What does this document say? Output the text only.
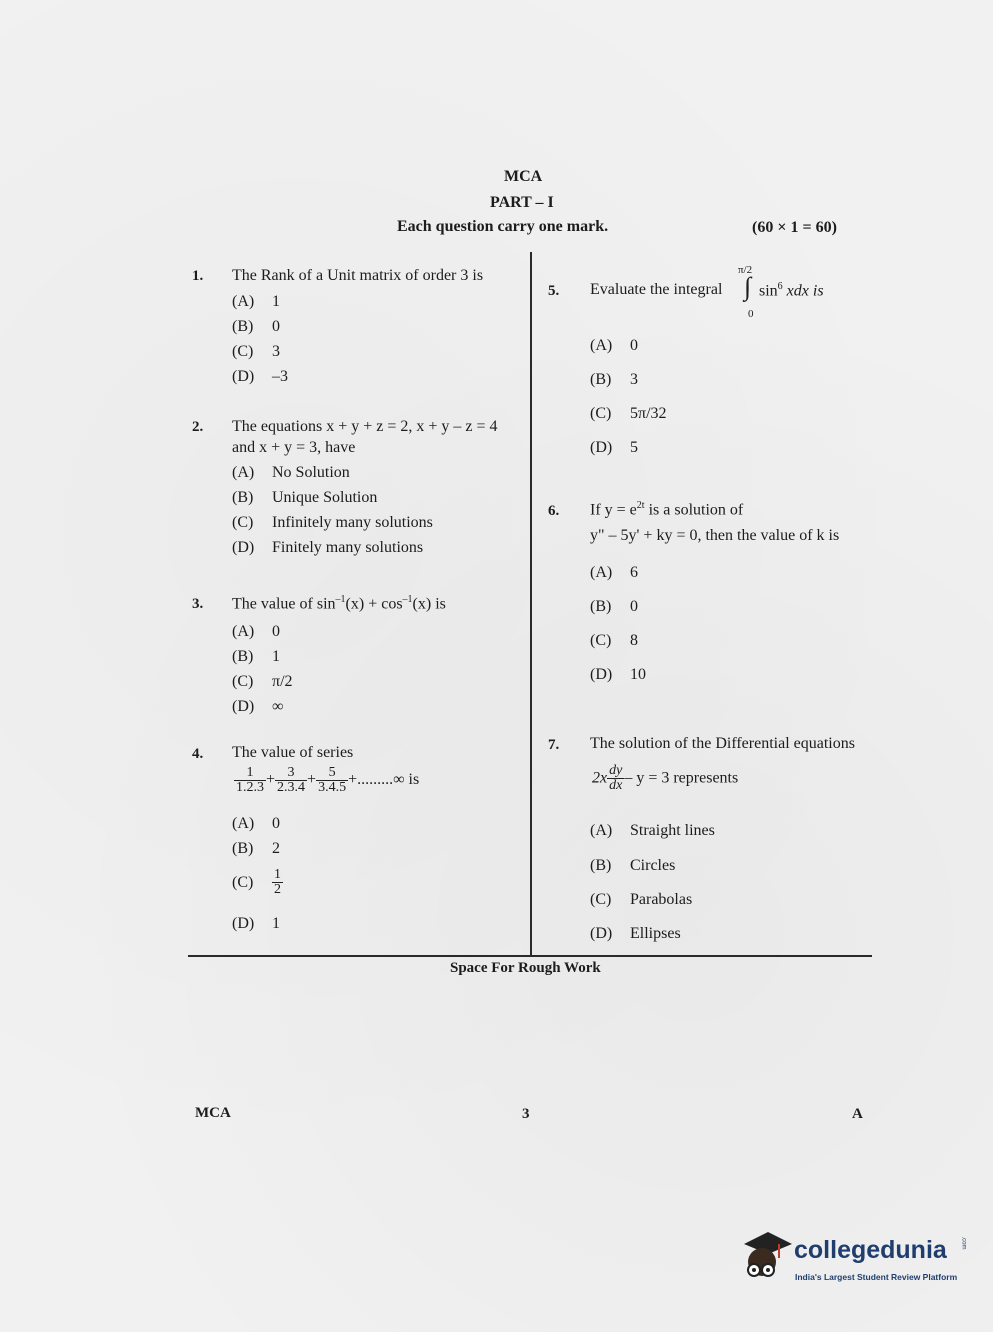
MCA
PART – I
Each question carry one mark.	(60 × 1 = 60)
1. The Rank of a Unit matrix of order 3 is
(A) 1
(B) 0
(C) 3
(D) –3
2. The equations x + y + z = 2, x + y – z = 4
and x + y = 3, have
(A) No Solution
(B) Unique Solution
(C) Infinitely many solutions
(D) Finitely many solutions
3. The value of $\sin^{-1}(x) + \cos^{-1}(x)$ is
(A) 0
(B) 1
(C) π/2
(D) ∞
4. The value of series
$\frac{1}{1.2.3} + \frac{3}{2.3.4} + \frac{5}{3.4.5}$ +.........∞ is
(A) 0
(B) 2
$(C) \frac{1}{2}$
(D) 1
5. Evaluate the integral
π/2
∫
0
$\sin^6$ xdx is
(A) 0
(B) 3
(C) 5π/32
(D) 5
6. If $y = e^{2t}$ is a solution of
y" – 5y' + ky = 0, then the value of k is
(A) 6
(B) 0
(C) 8
(D) 10
7. The solution of the Differential equations
$2x \frac{dy}{dx} - y = 3$ represents
(A) Straight lines
(B) Circles
(C) Parabolas
(D) Ellipses
Space For Rough Work
MCA	3	A
collegedunia .com
India's Largest Student Review Platform
